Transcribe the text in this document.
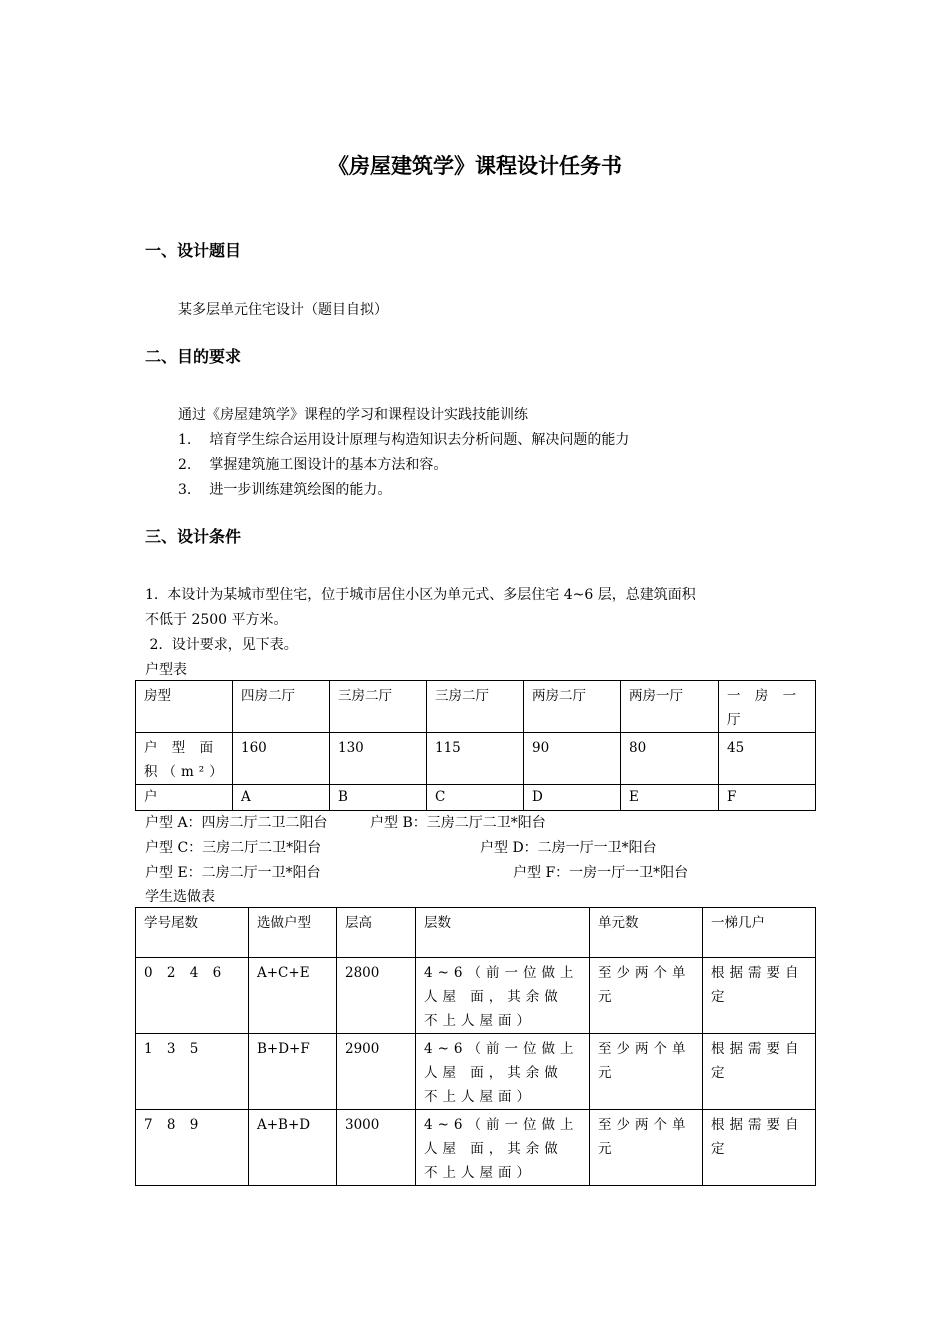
《房屋建筑学》课程设计任务书
一、设计题目
某多层单元住宅设计（题目自拟）
二、目的要求
通过《房屋建筑学》课程的学习和课程设计实践技能训练
1. 培育学生综合运用设计原理与构造知识去分析问题、解决问题的能力
2. 掌握建筑施工图设计的基本方法和容。
3. 进一步训练建筑绘图的能力。
三、设计条件
1.  本设计为某城市型住宅，位于城市居住小区为单元式、多层住宅 4~6 层，总建筑面积
不低于 2500 平方米。
2.  设计要求，见下表。
户型表
房型	四房二厅	三房二厅	三房二厅	两房二厅	两房一厅	一 房 一 厅
户 型 面 积（m²）	160	130	115	90	80	45
户	A	B	C	D	E	F
户型 A：四房二厅二卫二阳台	户型 B：三房二厅二卫*阳台
户型 C：三房二厅二卫*阳台	户型 D：二房一厅一卫*阳台
户型 E：二房二厅一卫*阳台	户型 F：一房一厅一卫*阳台
学生选做表
学号尾数	选做户型	层高	层数	单元数	一梯几户
0 2 4 6	A+C+E	2800	4~6（前一位做上人屋 面，其余做不上人屋面）	至少两个单元	根据需要自定
1 3 5	B+D+F	2900	4~6（前一位做上人屋 面，其余做不上人屋面）	至少两个单元	根据需要自定
7 8 9	A+B+D	3000	4~6（前一位做上人屋 面，其余做不上人屋面）	至少两个单元	根据需要自定
